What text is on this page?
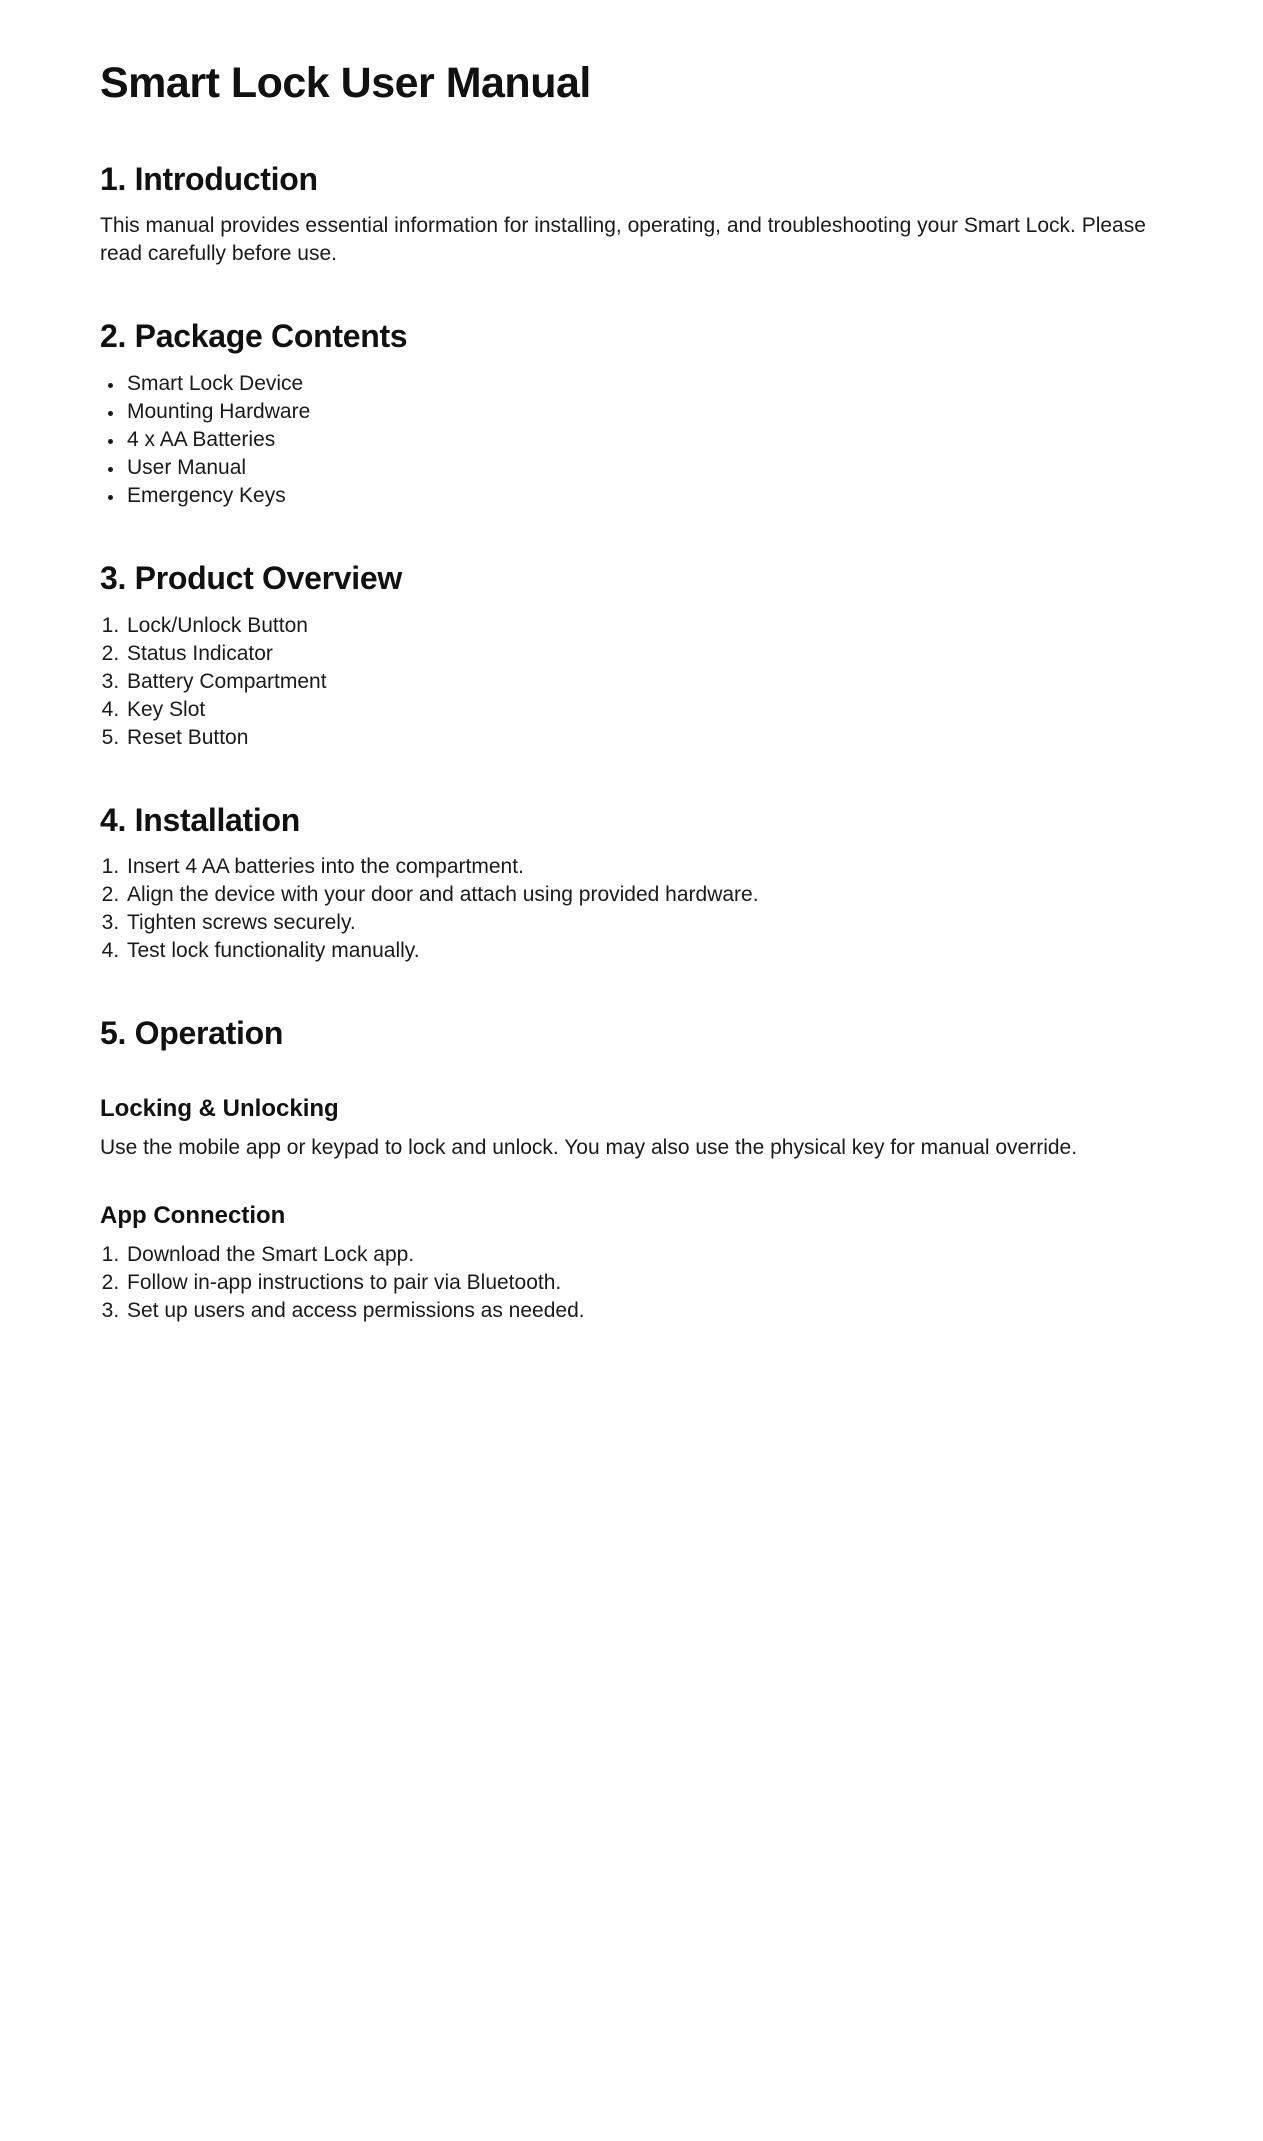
Smart Lock User Manual
1. Introduction

This manual provides essential information for installing, operating, and troubleshooting your Smart Lock. Please read carefully before use.

2. Package Contents
• Smart Lock Device
• Mounting Hardware
• 4 x AA Batteries
• User Manual
• Emergency Keys
3. Product Overview
1. Lock/Unlock Button
2. Status Indicator
3. Battery Compartment
4. Key Slot
5. Reset Button
4. Installation
1. Insert 4 AA batteries into the compartment.
2. Align the device with your door and attach using provided hardware.
3. Tighten screws securely.
4. Test lock functionality manually.
5. Operation
Locking & Unlocking

Use the mobile app or keypad to lock and unlock. You may also use the physical key for manual override.

App Connection
1. Download the Smart Lock app.
2. Follow in-app instructions to pair via Bluetooth.
3. Set up users and access permissions as needed.
